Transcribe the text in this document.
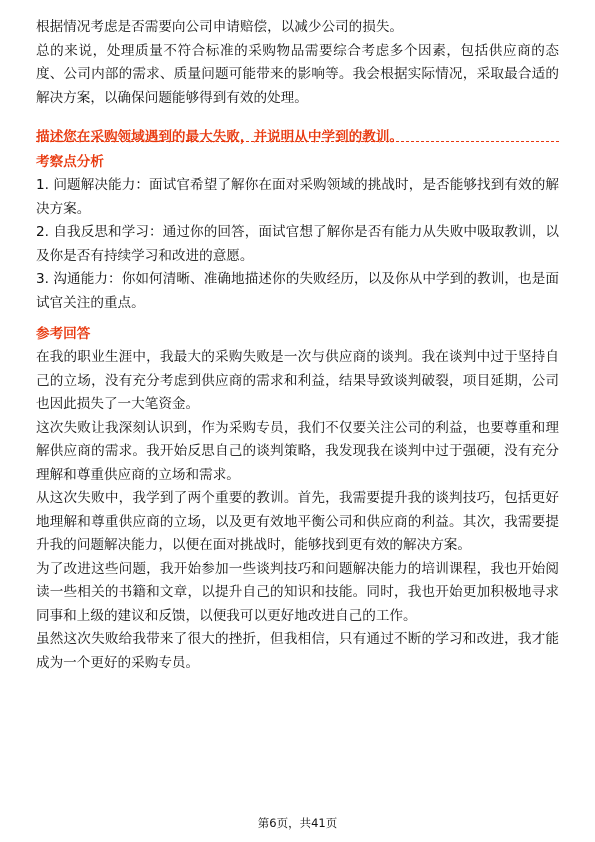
根据情况考虑是否需要向公司申请赔偿，以减少公司的损失。

总的来说，处理质量不符合标准的采购物品需要综合考虑多个因素，包括供应商的态度、公司内部的需求、质量问题可能带来的影响等。我会根据实际情况，采取最合适的解决方案，以确保问题能够得到有效的处理。

描述您在采购领域遇到的最大失败，并说明从中学到的教训。

考察点分析

1. 问题解决能力：面试官希望了解你在面对采购领域的挑战时，是否能够找到有效的解决方案。

2. 自我反思和学习：通过你的回答，面试官想了解你是否有能力从失败中吸取教训，以及你是否有持续学习和改进的意愿。

3. 沟通能力：你如何清晰、准确地描述你的失败经历，以及你从中学到的教训，也是面试官关注的重点。

参考回答

在我的职业生涯中，我最大的采购失败是一次与供应商的谈判。我在谈判中过于坚持自己的立场，没有充分考虑到供应商的需求和利益，结果导致谈判破裂，项目延期，公司也因此损失了一大笔资金。

这次失败让我深刻认识到，作为采购专员，我们不仅要关注公司的利益，也要尊重和理解供应商的需求。我开始反思自己的谈判策略，我发现我在谈判中过于强硬，没有充分理解和尊重供应商的立场和需求。

从这次失败中，我学到了两个重要的教训。首先，我需要提升我的谈判技巧，包括更好地理解和尊重供应商的立场，以及更有效地平衡公司和供应商的利益。其次，我需要提升我的问题解决能力，以便在面对挑战时，能够找到更有效的解决方案。

为了改进这些问题，我开始参加一些谈判技巧和问题解决能力的培训课程，我也开始阅读一些相关的书籍和文章，以提升自己的知识和技能。同时，我也开始更加积极地寻求同事和上级的建议和反馈，以便我可以更好地改进自己的工作。

虽然这次失败给我带来了很大的挫折，但我相信，只有通过不断的学习和改进，我才能成为一个更好的采购专员。

第6页，共41页
